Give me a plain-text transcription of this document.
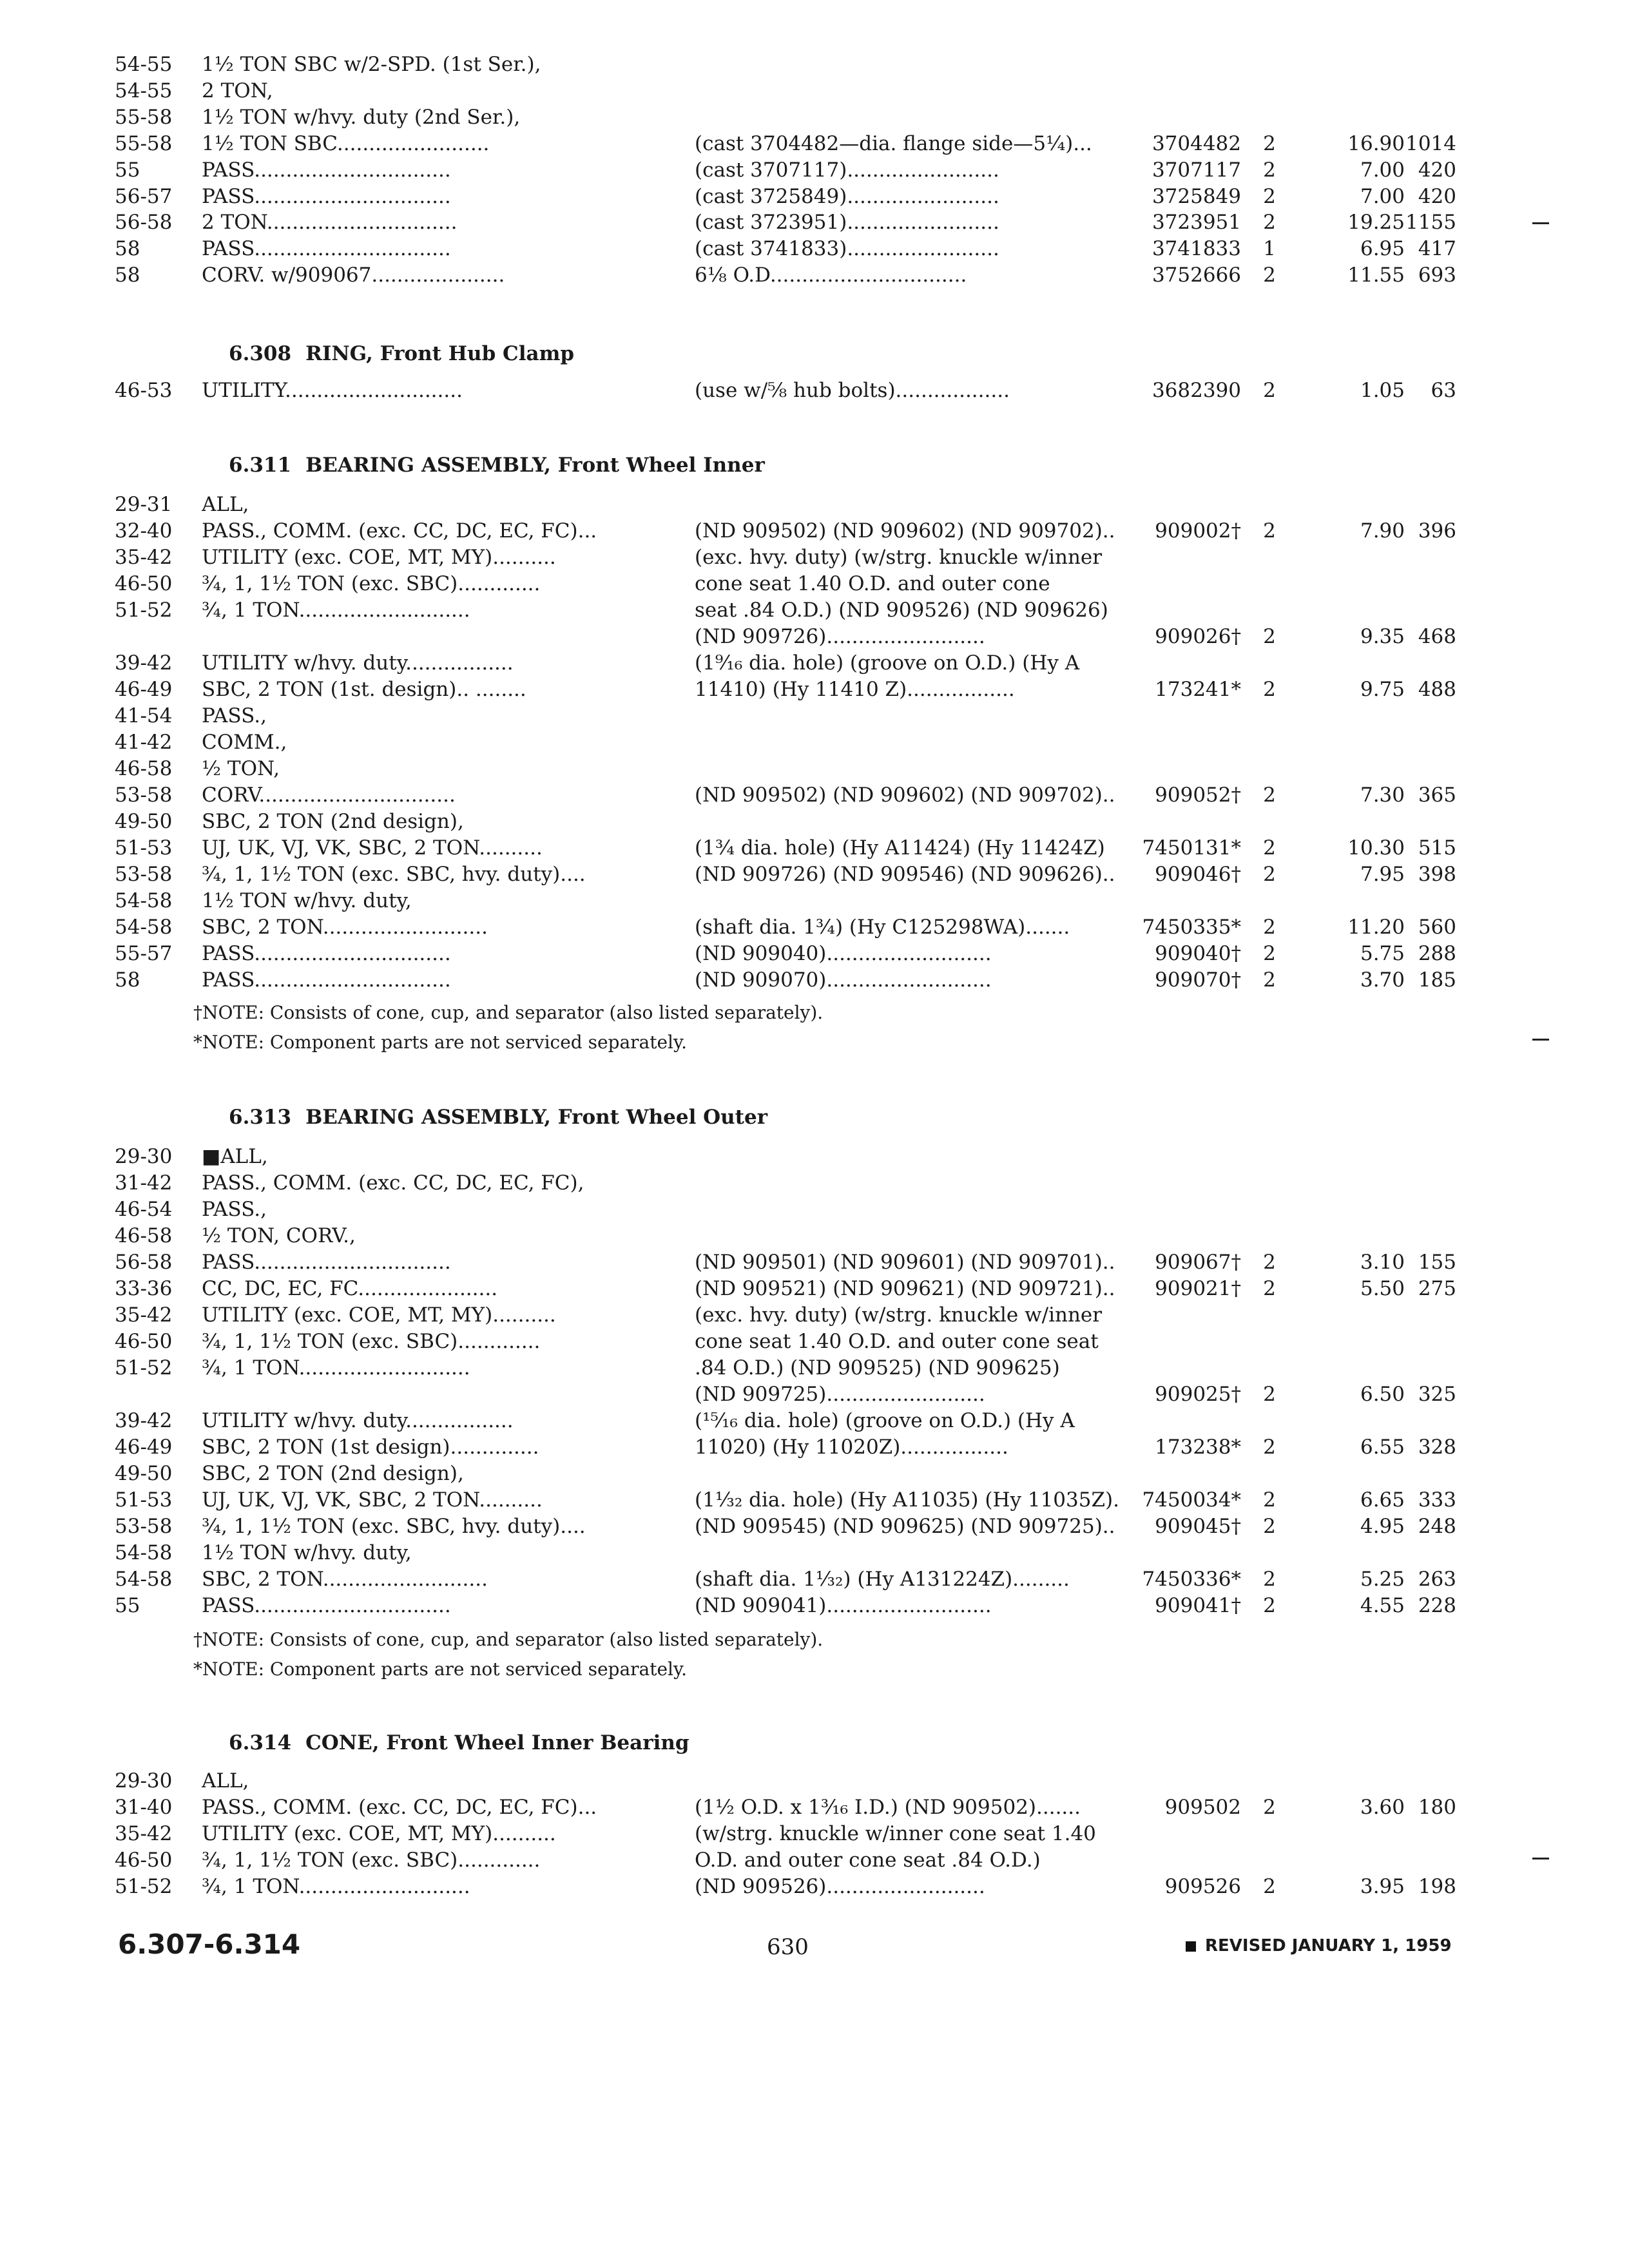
54-55	1½ TON SBC w/2-SPD. (1st Ser.),
54-55	2 TON,
55-58	1½ TON w/hvy. duty (2nd Ser.),
55-58	1½ TON SBC........................	(cast 3704482—dia. flange side—5¼)...	3704482	2	16.90 1014
55	PASS...............................	(cast 3707117)........................	3707117	2	7.00 420
56-57	PASS...............................	(cast 3725849)........................	3725849	2	7.00 420
56-58	2 TON..............................	(cast 3723951)........................	3723951	2	19.25 1155
58	PASS...............................	(cast 3741833)........................	3741833	1	6.95 417
58	CORV. w/909067.....................	6⅛ O.D...............................	3752666	2	11.55 693
6.308 RING, Front Hub Clamp
46-53	UTILITY............................	(use w/⅝ hub bolts)..................	3682390	2	1.05	63
6.311 BEARING ASSEMBLY, Front Wheel Inner
29-31	ALL,
32-40	PASS., COMM. (exc. CC, DC, EC, FC)...	(ND 909502) (ND 909602) (ND 909702)..	909002†	2	7.90 396
35-42	UTILITY (exc. COE, MT, MY)..........	(exc. hvy. duty) (w/strg. knuckle w/inner
46-50	¾, 1, 1½ TON (exc. SBC).............	cone seat 1.40 O.D. and outer cone
51-52	¾, 1 TON...........................	seat .84 O.D.) (ND 909526) (ND 909626)
(ND 909726).........................	909026†	2	9.35 468
39-42	UTILITY w/hvy. duty.................	(1⁹⁄₁₆ dia. hole) (groove on O.D.) (Hy A
46-49	SBC, 2 TON (1st. design).. ........	11410) (Hy 11410 Z).................	173241*	2	9.75 488
41-54	PASS.,
41-42	COMM.,
46-58	½ TON,
53-58	CORV...............................	(ND 909502) (ND 909602) (ND 909702)..	909052†	2	7.30 365
49-50	SBC, 2 TON (2nd design),
51-53	UJ, UK, VJ, VK, SBC, 2 TON..........	(1¾ dia. hole) (Hy A11424) (Hy 11424Z)	7450131*	2	10.30 515
53-58	¾, 1, 1½ TON (exc. SBC, hvy. duty)....	(ND 909726) (ND 909546) (ND 909626)..	909046†	2	7.95 398
54-58	1½ TON w/hvy. duty,
54-58	SBC, 2 TON..........................	(shaft dia. 1¾) (Hy C125298WA).......	7450335*	2	11.20 560
55-57	PASS...............................	(ND 909040)..........................	909040†	2	5.75 288
58	PASS...............................	(ND 909070)..........................	909070†	2	3.70 185
†NOTE: Consists of cone, cup, and separator (also listed separately).
*NOTE: Component parts are not serviced separately.
6.313 BEARING ASSEMBLY, Front Wheel Outer
29-30	■ALL,
31-42	PASS., COMM. (exc. CC, DC, EC, FC),
46-54	PASS.,
46-58	½ TON, CORV.,
56-58	PASS...............................	(ND 909501) (ND 909601) (ND 909701)..	909067†	2	3.10 155
33-36	CC, DC, EC, FC......................	(ND 909521) (ND 909621) (ND 909721)..	909021†	2	5.50 275
35-42	UTILITY (exc. COE, MT, MY)..........	(exc. hvy. duty) (w/strg. knuckle w/inner
46-50	¾, 1, 1½ TON (exc. SBC).............	cone seat 1.40 O.D. and outer cone seat
51-52	¾, 1 TON...........................	.84 O.D.) (ND 909525) (ND 909625)
(ND 909725).........................	909025†	2	6.50 325
39-42	UTILITY w/hvy. duty.................	(¹⁵⁄₁₆ dia. hole) (groove on O.D.) (Hy A
46-49	SBC, 2 TON (1st design)..............	11020) (Hy 11020Z).................	173238*	2	6.55 328
49-50	SBC, 2 TON (2nd design),
51-53	UJ, UK, VJ, VK, SBC, 2 TON..........	(1¹⁄₃₂ dia. hole) (Hy A11035) (Hy 11035Z).	7450034*	2	6.65 333
53-58	¾, 1, 1½ TON (exc. SBC, hvy. duty)....	(ND 909545) (ND 909625) (ND 909725)..	909045†	2	4.95 248
54-58	1½ TON w/hvy. duty,
54-58	SBC, 2 TON..........................	(shaft dia. 1¹⁄₃₂) (Hy A131224Z).........	7450336*	2	5.25 263
55	PASS...............................	(ND 909041)..........................	909041†	2	4.55 228
†NOTE: Consists of cone, cup, and separator (also listed separately).
*NOTE: Component parts are not serviced separately.
6.314 CONE, Front Wheel Inner Bearing
29-30	ALL,
31-40	PASS., COMM. (exc. CC, DC, EC, FC)...	(1½ O.D. x 1³⁄₁₆ I.D.) (ND 909502).......	909502	2	3.60 180
35-42	UTILITY (exc. COE, MT, MY)..........	(w/strg. knuckle w/inner cone seat 1.40
46-50	¾, 1, 1½ TON (exc. SBC).............	O.D. and outer cone seat .84 O.D.)
51-52	¾, 1 TON...........................	(ND 909526).........................	909526	2	3.95 198
6.307-6.314	630	REVISED JANUARY 1, 1959
